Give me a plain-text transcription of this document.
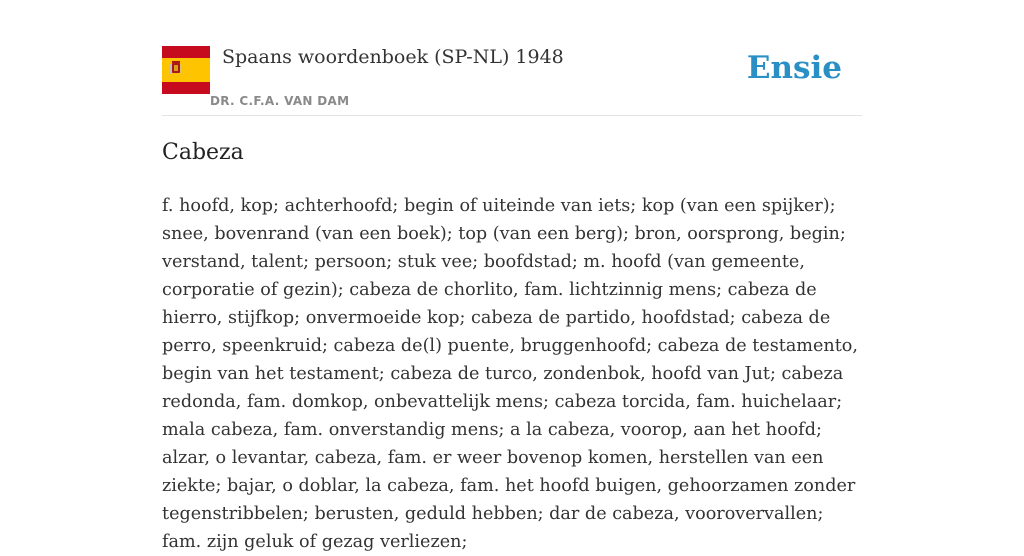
Spaans woordenboek (SP-NL) 1948
DR. C.F.A. VAN DAM
Ensie
Cabeza

f. hoofd, kop; achterhoofd; begin of uiteinde van iets; kop (van een spijker); snee, bovenrand (van een boek); top (van een berg); bron, oorsprong, begin; verstand, talent; persoon; stuk vee; boofdstad; m. hoofd (van gemeente, corporatie of gezin); cabeza de chorlito, fam. lichtzinnig mens; cabeza de hierro, stijfkop; onvermoeide kop; cabeza de partido, hoofdstad; cabeza de perro, speenkruid; cabeza de(l) puente, bruggenhoofd; cabeza de testamento, begin van het testament; cabeza de turco, zondenbok, hoofd van Jut; cabeza redonda, fam. domkop, onbevattelijk mens; cabeza torcida, fam. huichelaar; mala cabeza, fam. onverstandig mens; a la cabeza, voorop, aan het hoofd; alzar, o levantar, cabeza, fam. er weer bovenop komen, herstellen van een ziekte; bajar, o doblar, la cabeza, fam. het hoofd buigen, gehoorzamen zonder tegenstribbelen; berusten, geduld hebben; dar de cabeza, voorovervallen; fam. zijn geluk of gezag verliezen;
